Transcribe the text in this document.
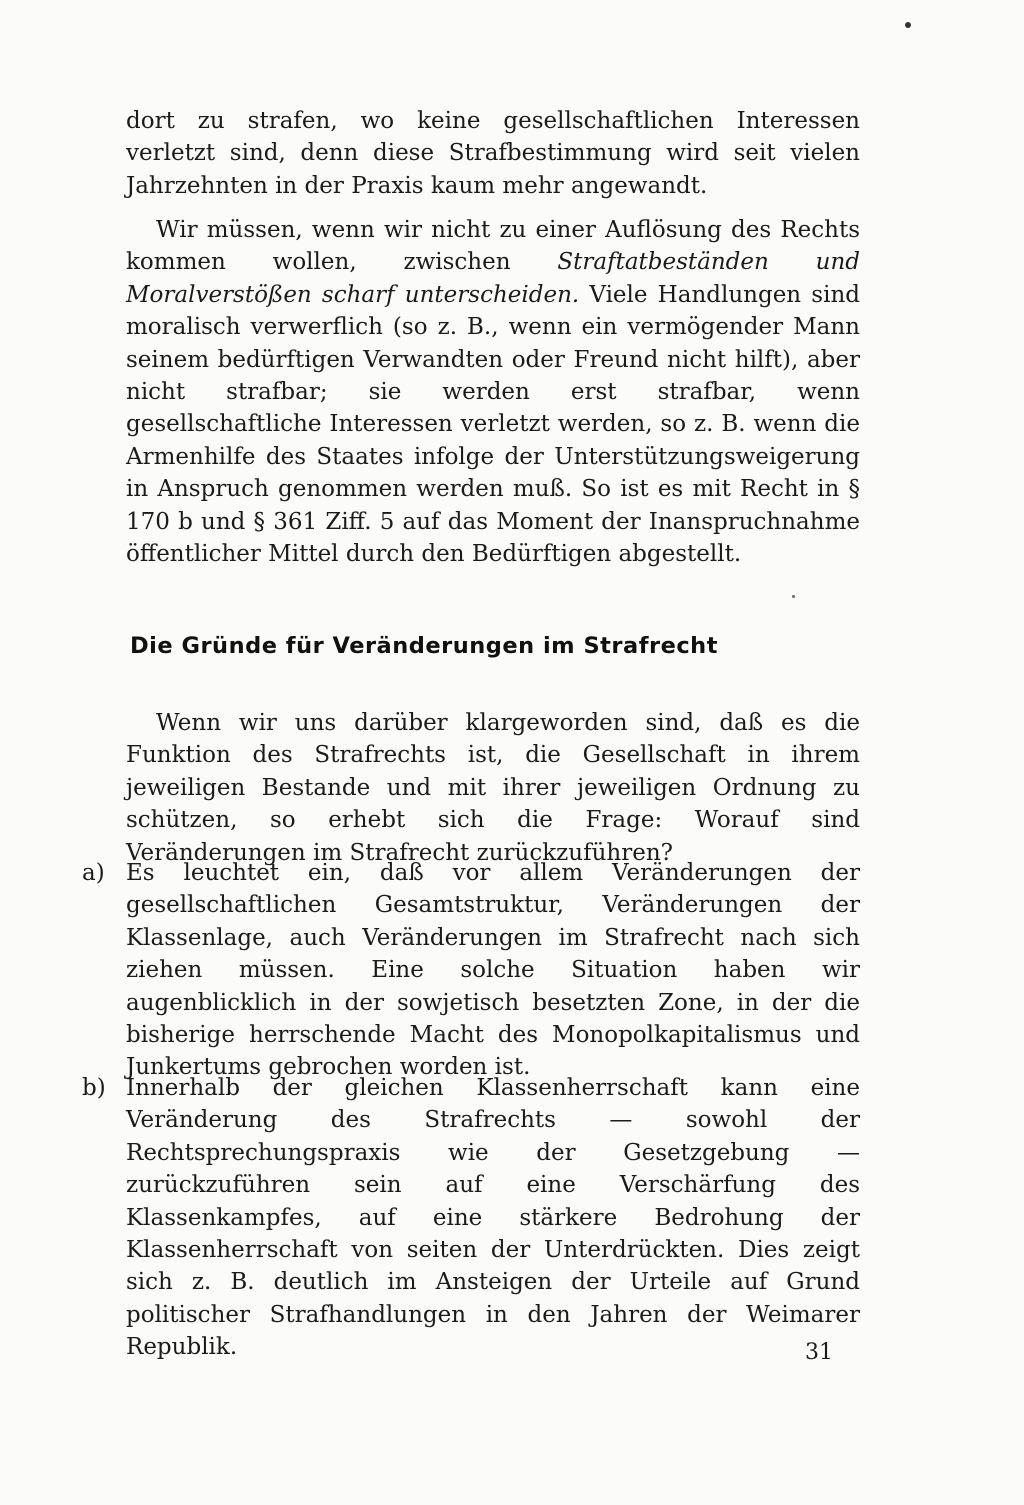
dort zu strafen, wo keine gesellschaftlichen Interessen verletzt sind, denn diese Strafbestimmung wird seit vielen Jahrzehnten in der Praxis kaum mehr angewandt.

Wir müssen, wenn wir nicht zu einer Auflösung des Rechts kommen wollen, zwischen Straftatbeständen und Moralverstößen scharf unterscheiden. Viele Handlungen sind moralisch verwerflich (so z. B., wenn ein vermögender Mann seinem bedürftigen Verwandten oder Freund nicht hilft), aber nicht strafbar; sie werden erst strafbar, wenn gesellschaftliche Interessen verletzt werden, so z. B. wenn die Armenhilfe des Staates infolge der Unterstützungsweigerung in Anspruch genommen werden muß. So ist es mit Recht in § 170 b und § 361 Ziff. 5 auf das Moment der Inanspruchnahme öffentlicher Mittel durch den Bedürftigen abgestellt.

Die Gründe für Veränderungen im Strafrecht

Wenn wir uns darüber klargeworden sind, daß es die Funktion des Strafrechts ist, die Gesellschaft in ihrem jeweiligen Bestande und mit ihrer jeweiligen Ordnung zu schützen, so erhebt sich die Frage: Worauf sind Veränderungen im Strafrecht zurückzuführen?

a) Es leuchtet ein, daß vor allem Veränderungen der gesellschaftlichen Gesamtstruktur, Veränderungen der Klassenlage, auch Veränderungen im Strafrecht nach sich ziehen müssen. Eine solche Situation haben wir augenblicklich in der sowjetisch besetzten Zone, in der die bisherige herrschende Macht des Monopolkapitalismus und Junkertums gebrochen worden ist.
b) Innerhalb der gleichen Klassenherrschaft kann eine Veränderung des Strafrechts — sowohl der Rechtsprechungspraxis wie der Gesetzgebung — zurückzuführen sein auf eine Verschärfung des Klassenkampfes, auf eine stärkere Bedrohung der Klassenherrschaft von seiten der Unterdrückten. Dies zeigt sich z. B. deutlich im Ansteigen der Urteile auf Grund politischer Strafhandlungen in den Jahren der Weimarer Republik.	31
